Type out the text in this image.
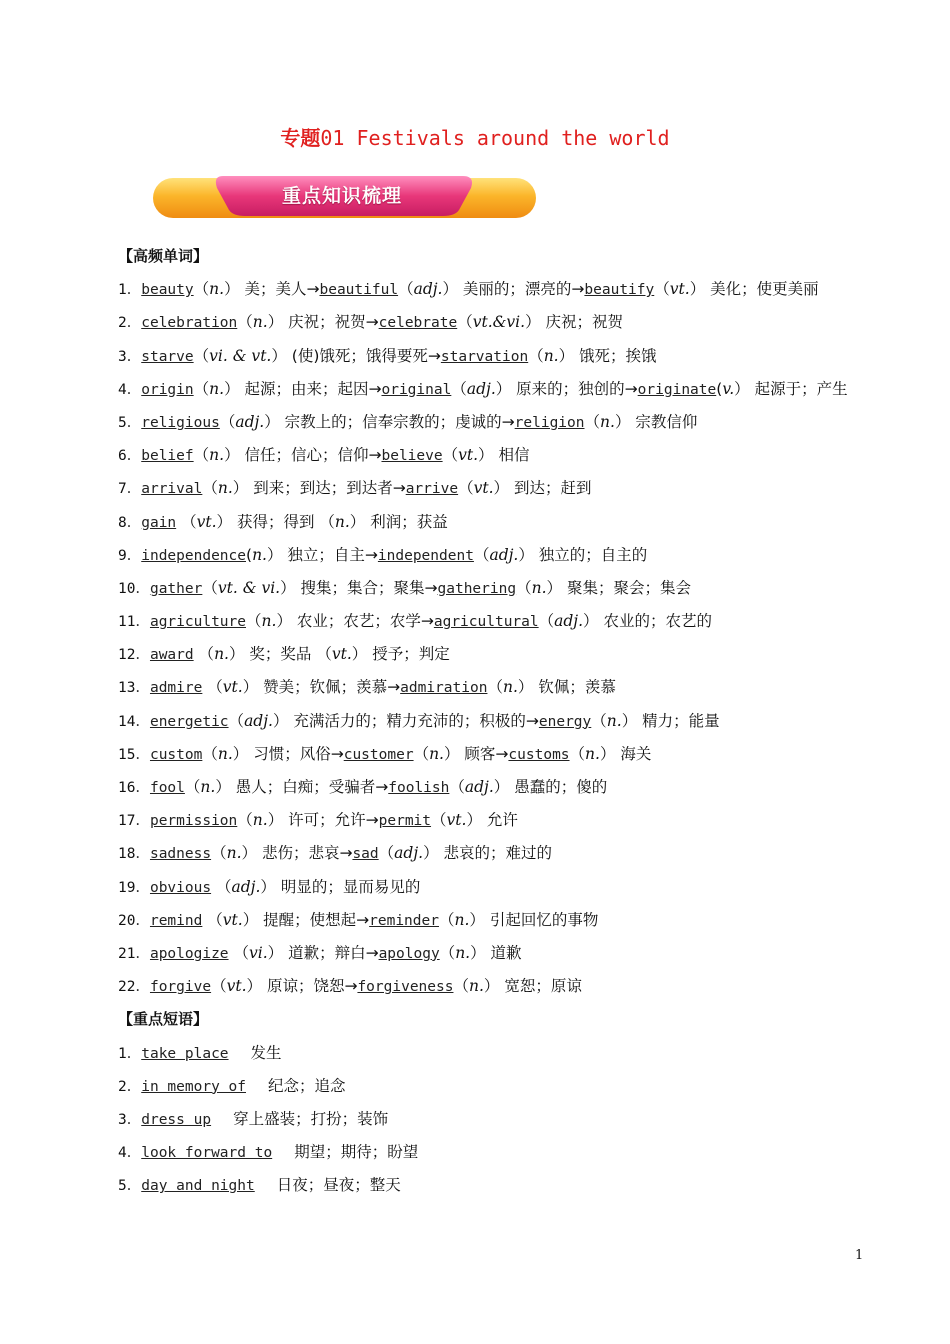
专题01 Festivals around the world
重点知识梳理
【高频单词】
1．beauty（n.） 美；美人→beautiful（adj.） 美丽的；漂亮的→beautify（vt.） 美化；使更美丽
2．celebration（n.） 庆祝；祝贺→celebrate（vt.&vi.） 庆祝；祝贺
3．starve（vi. & vt.） (使)饿死；饿得要死→starvation（n.） 饿死；挨饿
4．origin（n.） 起源；由来；起因→original（adj.） 原来的；独创的→originate(v.） 起源于；产生
5．religious（adj.） 宗教上的；信奉宗教的；虔诚的→religion（n.） 宗教信仰
6．belief（n.） 信任；信心；信仰→believe（vt.） 相信
7．arrival（n.） 到来；到达；到达者→arrive（vt.） 到达；赶到
8．gain （vt.） 获得；得到 （n.） 利润；获益
9．independence(n.） 独立；自主→independent（adj.） 独立的；自主的
10．gather（vt. & vi.） 搜集；集合；聚集→gathering（n.） 聚集；聚会；集会
11．agriculture（n.） 农业；农艺；农学→agricultural（adj.） 农业的；农艺的
12．award （n.） 奖；奖品 （vt.） 授予；判定
13．admire （vt.） 赞美；钦佩；羡慕→admiration（n.） 钦佩；羡慕
14．energetic（adj.） 充满活力的；精力充沛的；积极的→energy（n.） 精力；能量
15．custom（n.） 习惯；风俗→customer（n.） 顾客→customs（n.） 海关
16．fool（n.） 愚人；白痴；受骗者→foolish（adj.） 愚蠢的；傻的
17．permission（n.） 许可；允许→permit（vt.） 允许
18．sadness（n.） 悲伤；悲哀→sad（adj.） 悲哀的；难过的
19．obvious （adj.） 明显的；显而易见的
20．remind （vt.） 提醒；使想起→reminder（n.） 引起回忆的事物
21．apologize （vi.） 道歉；辩白→apology（n.） 道歉
22．forgive（vt.） 原谅；饶恕→forgiveness（n.） 宽恕；原谅
【重点短语】
1．take place 发生
2．in memory of 纪念；追念
3．dress up 穿上盛装；打扮；装饰
4．look forward to 期望；期待；盼望
5．day and night 日夜；昼夜；整天
1
